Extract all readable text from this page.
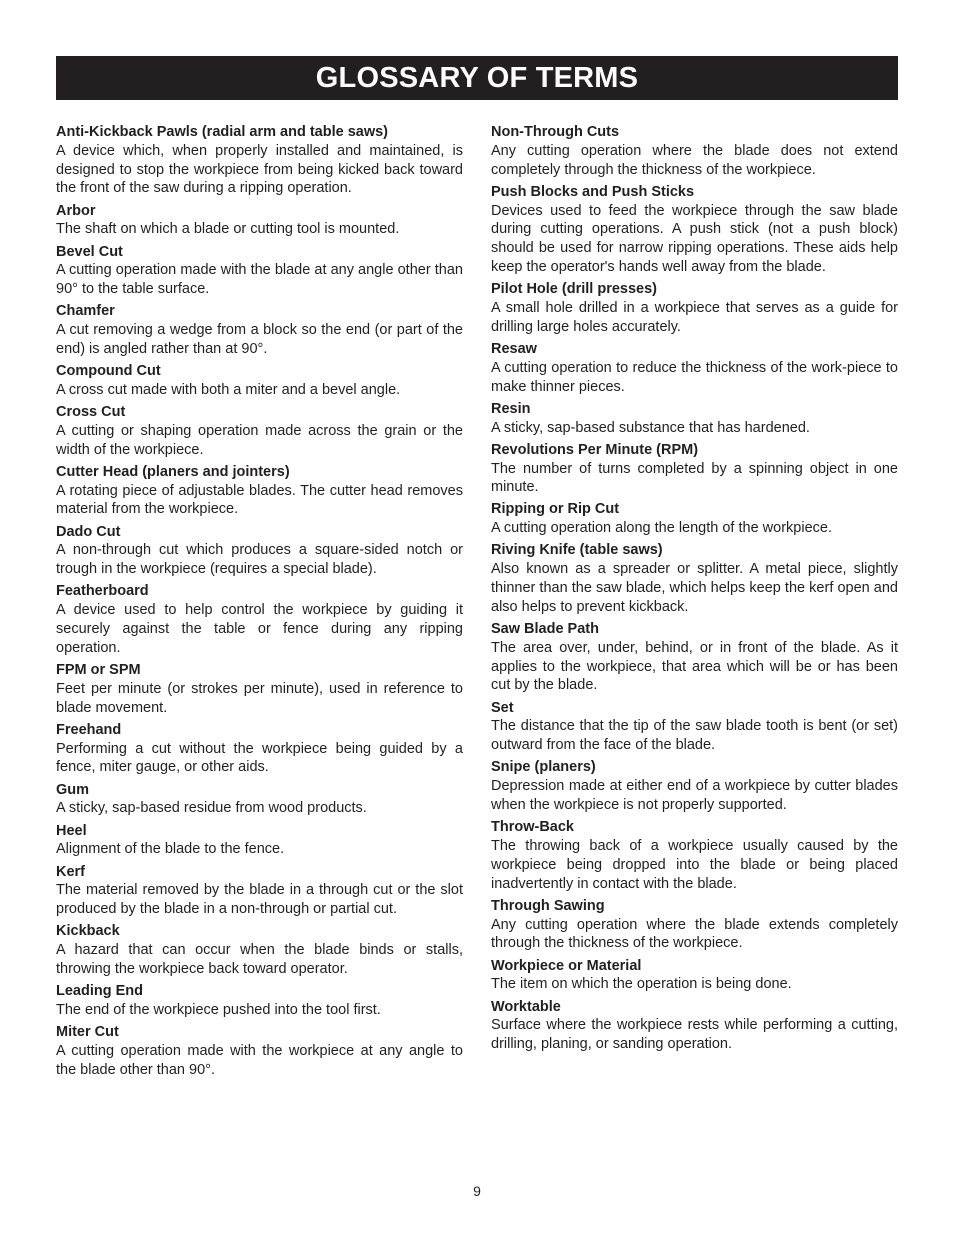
GLOSSARY OF TERMS

Anti-Kickback Pawls (radial arm and table saws)

A device which, when properly installed and maintained, is designed to stop the workpiece from being kicked back toward the front of the saw during a ripping operation.

Arbor

The shaft on which a blade or cutting tool is mounted.

Bevel Cut

A cutting operation made with the blade at any angle other than 90° to the table surface.

Chamfer

A cut removing a wedge from a block so the end (or part of the end) is angled rather than at 90°.

Compound Cut

A cross cut made with both a miter and a bevel angle.

Cross Cut

A cutting or shaping operation made across the grain or the width of the workpiece.

Cutter Head (planers and jointers)

A rotating piece of adjustable blades. The cutter head removes material from the workpiece.

Dado Cut

A non-through cut which produces a square-sided notch or trough in the workpiece (requires a special blade).

Featherboard

A device used to help control the workpiece by guiding it securely against the table or fence during any ripping operation.

FPM or SPM

Feet per minute (or strokes per minute), used in reference to blade movement.

Freehand

Performing a cut without the workpiece being guided by a fence, miter gauge, or other aids.

Gum

A sticky, sap-based residue from wood products.

Heel

Alignment of the blade to the fence.

Kerf

The material removed by the blade in a through cut or the slot produced by the blade in a non-through or partial cut.

Kickback

A hazard that can occur when the blade binds or stalls, throwing the workpiece back toward operator.

Leading End

The end of the workpiece pushed into the tool first.

Miter Cut

A cutting operation made with the workpiece at any angle to the blade other than 90°.

Non-Through Cuts

Any cutting operation where the blade does not extend completely through the thickness of the workpiece.

Push Blocks and Push Sticks

Devices used to feed the workpiece through the saw blade during cutting operations. A push stick (not a push block) should be used for narrow ripping operations. These aids help keep the operator's hands well away from the blade.

Pilot Hole (drill presses)

A small hole drilled in a workpiece that serves as a guide for drilling large holes accurately.

Resaw

A cutting operation to reduce the thickness of the work-piece to make thinner pieces.

Resin

A sticky, sap-based substance that has hardened.

Revolutions Per Minute (RPM)

The number of turns completed by a spinning object in one minute.

Ripping or Rip Cut

A cutting operation along the length of the workpiece.

Riving Knife (table saws)

Also known as a spreader or splitter. A metal piece, slightly thinner than the saw blade, which helps keep the kerf open and also helps to prevent kickback.

Saw Blade Path

The area over, under, behind, or in front of the blade. As it applies to the workpiece, that area which will be or has been cut by the blade.

Set

The distance that the tip of the saw blade tooth is bent (or set) outward from the face of the blade.

Snipe (planers)

Depression made at either end of a workpiece by cutter blades when the workpiece is not properly supported.

Throw-Back

The throwing back of a workpiece usually caused by the workpiece being dropped into the blade or being placed inadvertently in contact with the blade.

Through Sawing

Any cutting operation where the blade extends completely through the thickness of the workpiece.

Workpiece or Material

The item on which the operation is being done.

Worktable

Surface where the workpiece rests while performing a cutting, drilling, planing, or sanding operation.

9
